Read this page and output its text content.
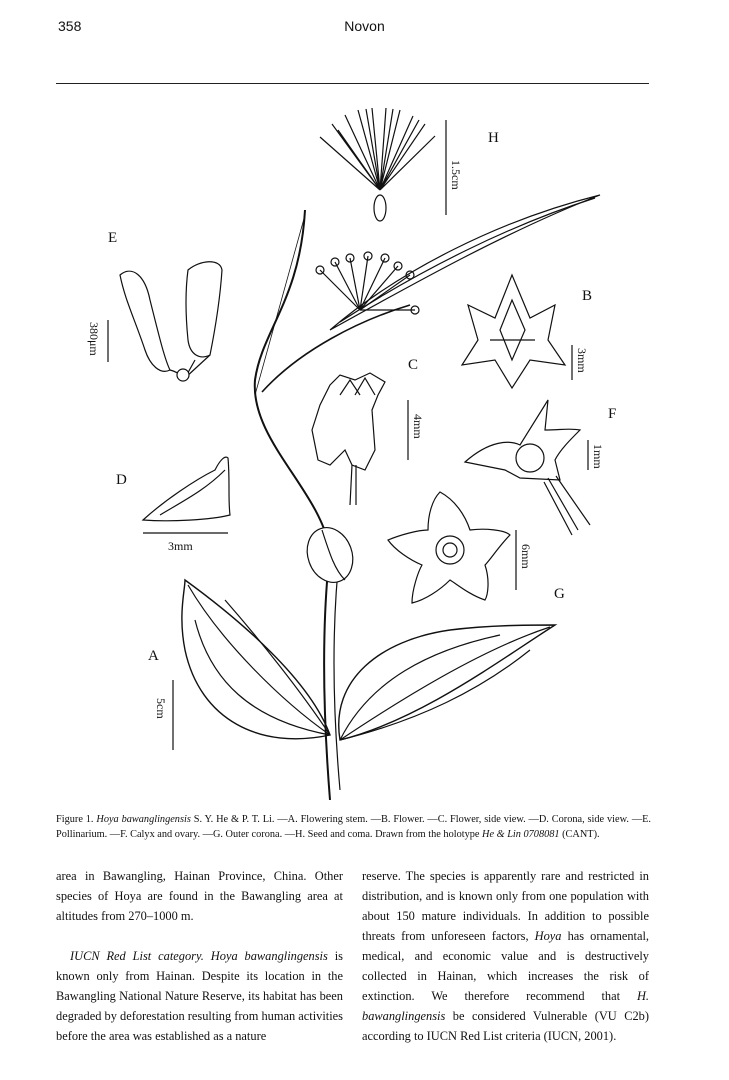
358	Novon
H
E
B
C
F
D
G
A
1.5cm
380μm
3mm
4mm
1mm
3mm	6mm
5cm
Figure 1. Hoya bawanglingensis S. Y. He & P. T. Li. —A. Flowering stem. —B. Flower. —C. Flower, side view. —D. Corona, side view. —E. Pollinarium. —F. Calyx and ovary. —G. Outer corona. —H. Seed and coma. Drawn from the holotype He & Lin 0708081 (CANT).

area in Bawangling, Hainan Province, China. Other species of Hoya are found in the Bawangling area at altitudes from 270–1000 m.

IUCN Red List category. Hoya bawanglingensis is known only from Hainan. Despite its location in the Bawangling National Nature Reserve, its habitat has been degraded by deforestation resulting from human activities before the area was established as a nature

reserve. The species is apparently rare and restricted in distribution, and is known only from one population with about 150 mature individuals. In addition to possible threats from unforeseen factors, Hoya has ornamental, medical, and economic value and is destructively collected in Hainan, which increases the risk of extinction. We therefore recommend that H. bawanglingensis be considered Vulnerable (VU C2b) according to IUCN Red List criteria (IUCN, 2001).
